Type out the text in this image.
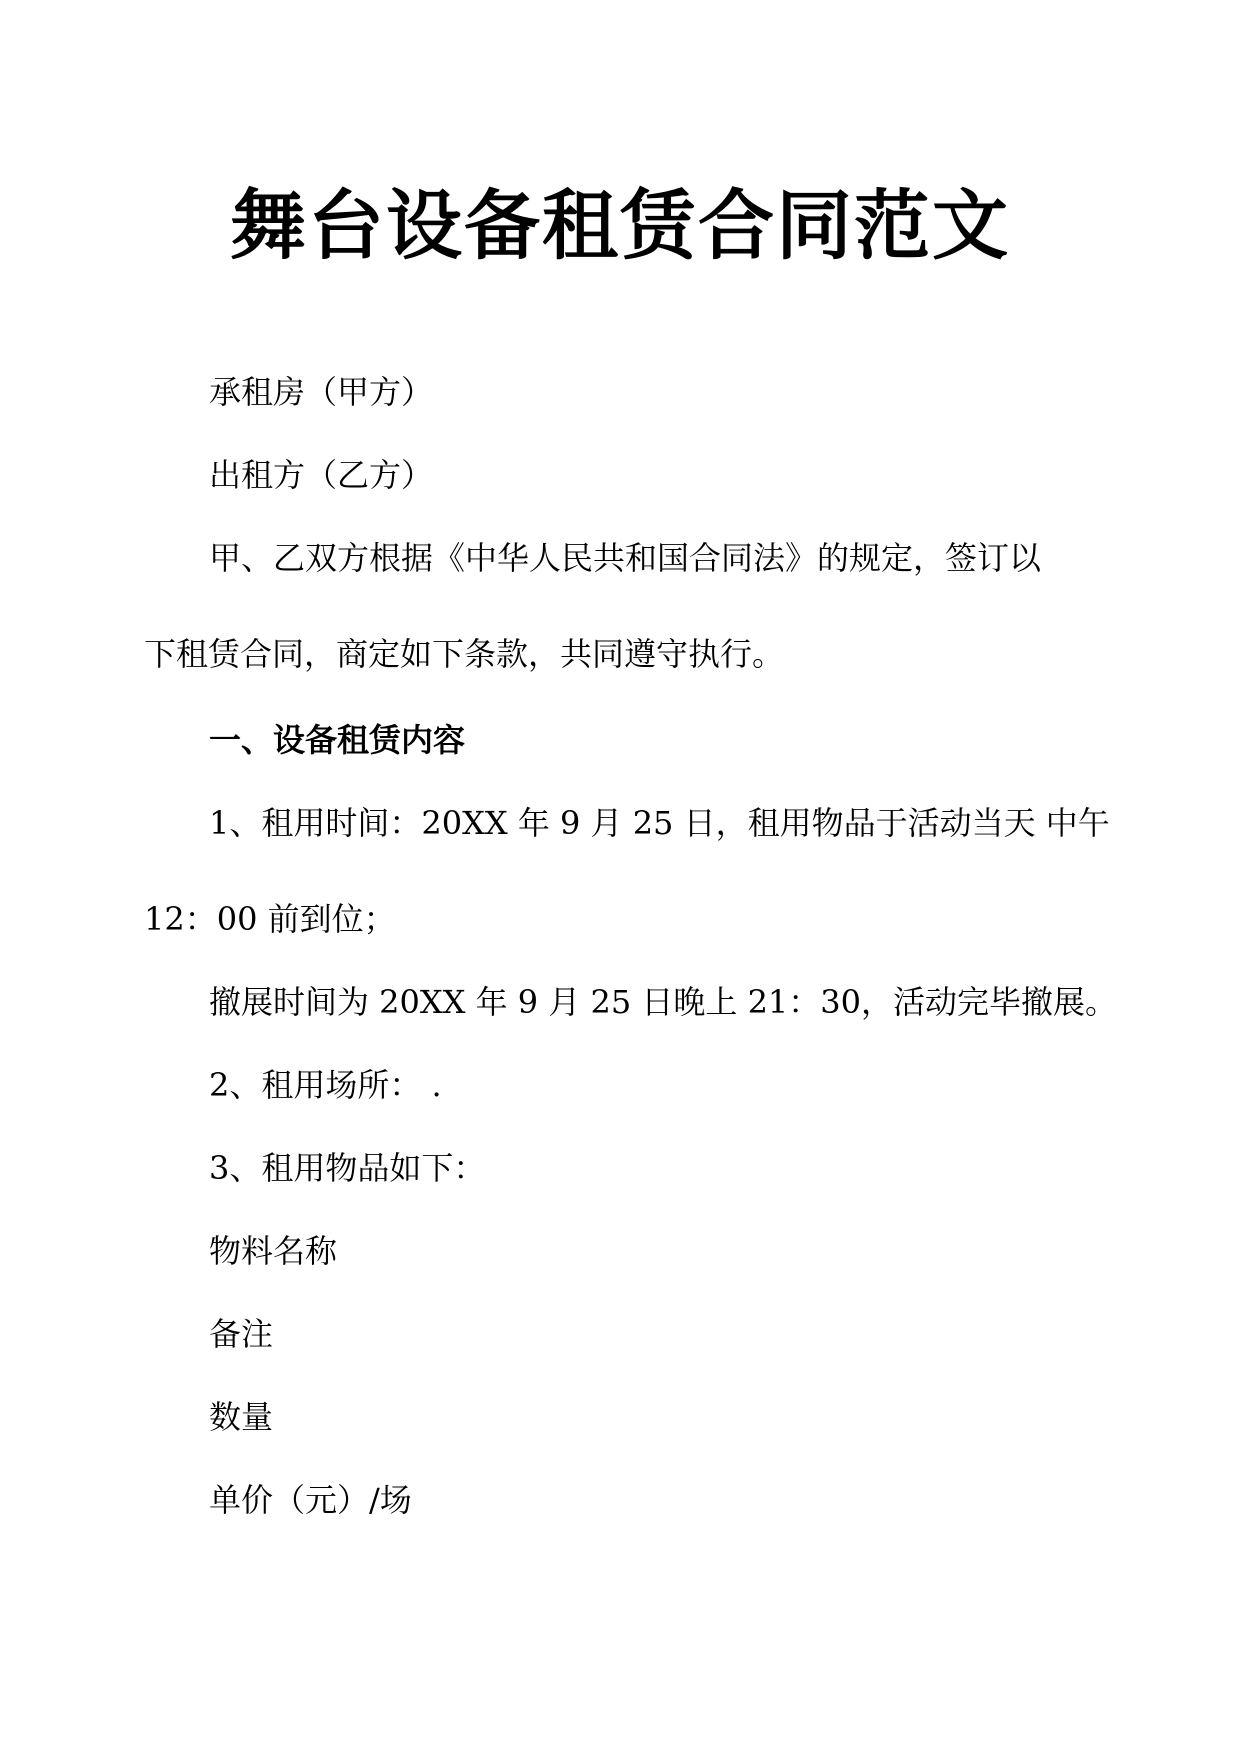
舞台设备租赁合同范文

承租房（甲方）

出租方（乙方）

甲、乙双方根据《中华人民共和国合同法》的规定，签订以

下租赁合同，商定如下条款，共同遵守执行。

一、设备租赁内容

1、租用时间：20XX 年 9 月 25 日，租用物品于活动当天 中午

12：00 前到位；

撤展时间为 20XX 年 9 月 25 日晚上 21：30，活动完毕撤展。

2、租用场所： .

3、租用物品如下：

物料名称

备注

数量

单价（元）/场
